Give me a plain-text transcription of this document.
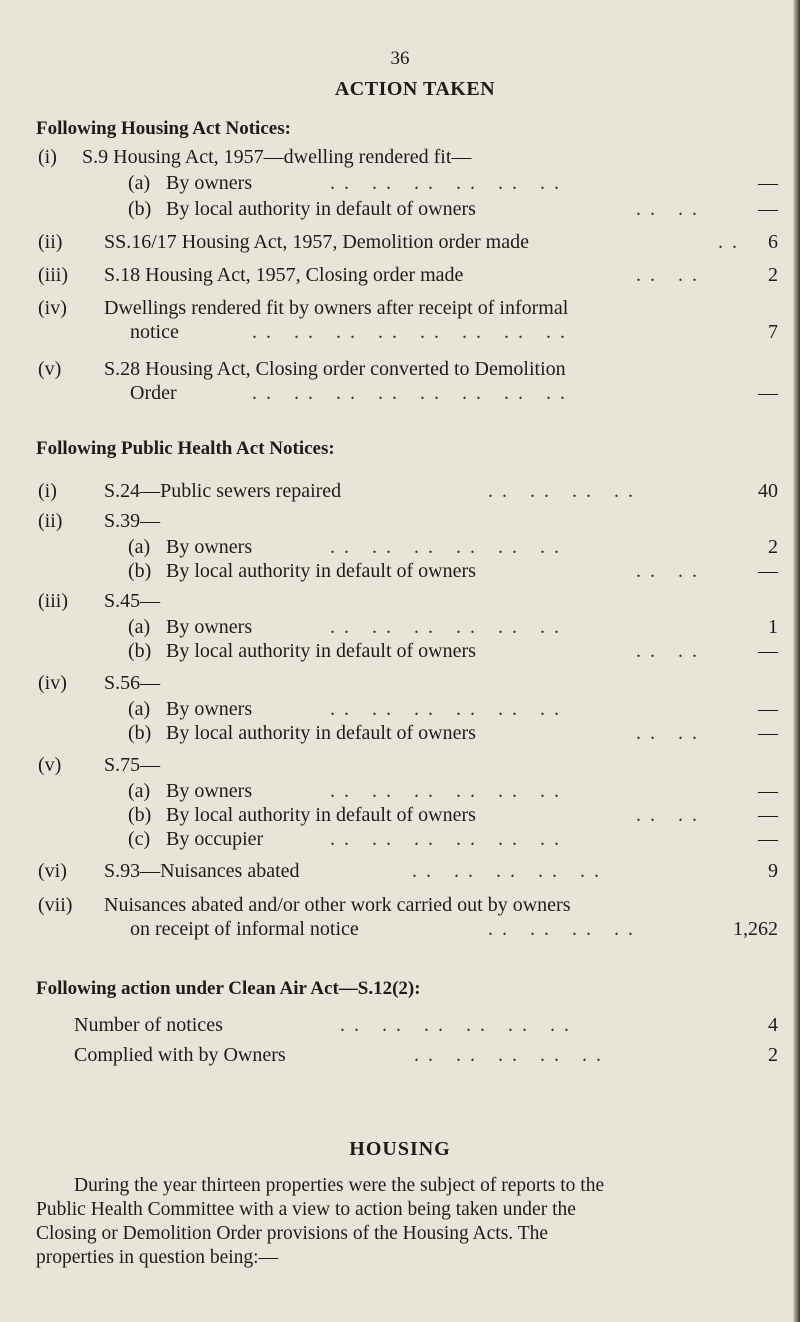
36
ACTION TAKEN
Following Housing Act Notices:
(i) S.9 Housing Act, 1957—dwelling rendered fit—
(a) By owners	. .   . .   . .   . .   . .   . .	—
(b) By local authority in default of owners	. .   . .	—
(ii) SS.16/17 Housing Act, 1957, Demolition order made	. . 6
(iii) S.18 Housing Act, 1957, Closing order made	. .   . .	2
(iv) Dwellings rendered fit by owners after receipt of informal
notice	. .   . .   . .   . .   . .   . .   . .   . .	7
(v) S.28 Housing Act, Closing order converted to Demolition
Order	. .   . .   . .   . .   . .   . .   . .   . .	—
Following Public Health Act Notices:
(i) S.24—Public sewers repaired	. .   . .   . .   . .	40
(ii) S.39—
(a) By owners	. .   . .   . .   . .   . .   . .	2
(b) By local authority in default of owners	. .   . .	—
(iii) S.45—
(a) By owners	. .   . .   . .   . .   . .   . .	1
(b) By local authority in default of owners	. .   . .	—
(iv) S.56—
(a) By owners	. .   . .   . .   . .   . .   . .	—
(b) By local authority in default of owners	. .   . .	—
(v) S.75—
(a) By owners	. .   . .   . .   . .   . .   . .	—
(b) By local authority in default of owners	. .   . .	—
(c) By occupier	. .   . .   . .   . .   . .   . .	—
(vi) S.93—Nuisances abated	. .   . .   . .   . .   . .	9
(vii) Nuisances abated and/or other work carried out by owners
on receipt of informal notice	. .   . .   . .   . .	1,262
Following action under Clean Air Act—S.12(2):
Number of notices	. .   . .   . .   . .   . .   . .	4
Complied with by Owners	. .   . .   . .   . .   . .	2
HOUSING

During the year thirteen properties were the subject of reports to the

Public Health Committee with a view to action being taken under the
Closing or Demolition Order provisions of the Housing Acts. The
properties in question being:—
